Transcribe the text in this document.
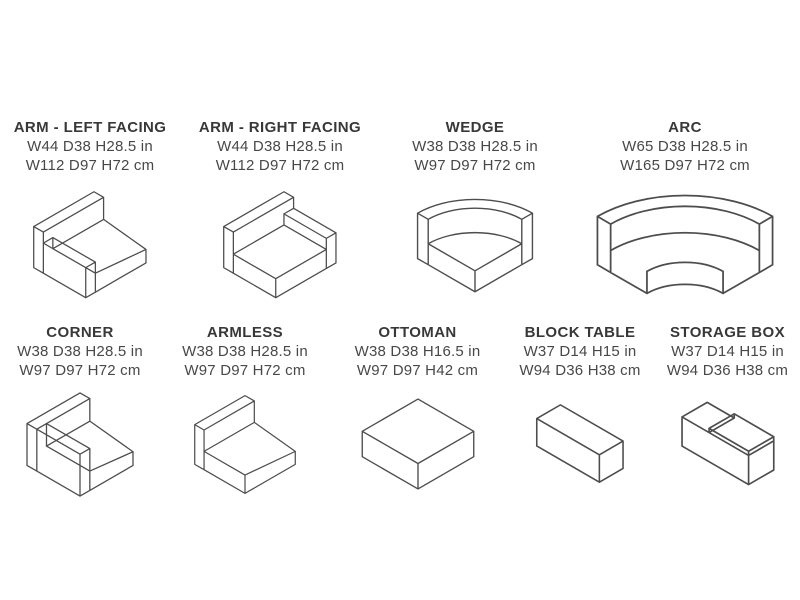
ARM - LEFT FACING
W44 D38 H28.5 in
W112 D97 H72 cm
ARM - RIGHT FACING
W44 D38 H28.5 in
W112 D97 H72 cm
WEDGE
W38 D38 H28.5 in
W97 D97 H72 cm
ARC
W65 D38 H28.5 in
W165 D97 H72 cm
CORNER
W38 D38 H28.5 in
W97 D97 H72 cm
ARMLESS
W38 D38 H28.5 in
W97 D97 H72 cm
OTTOMAN
W38 D38 H16.5 in
W97 D97 H42 cm
BLOCK TABLE
W37 D14 H15 in
W94 D36 H38 cm
STORAGE BOX
W37 D14 H15 in
W94 D36 H38 cm
